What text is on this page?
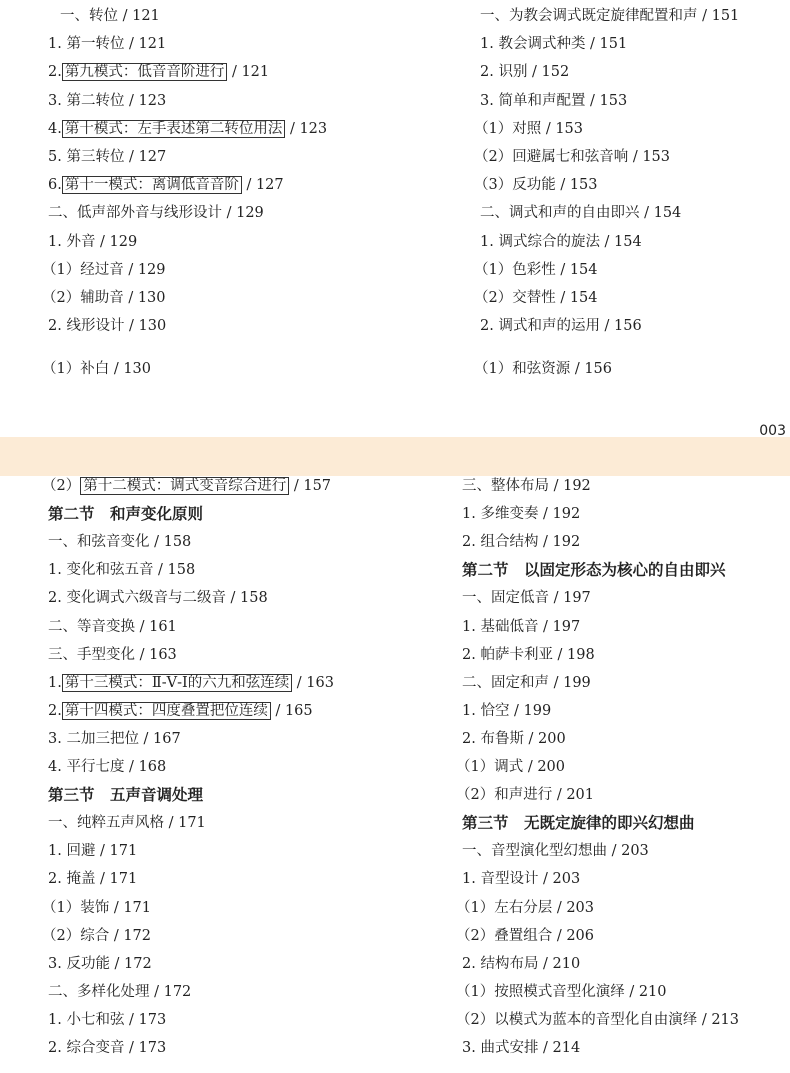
一、转位 / 121
1. 第一转位 / 121
2. 第九模式：低音音阶进行 / 121
3. 第二转位 / 123
4. 第十模式：左手表述第二转位用法 / 123
5. 第三转位 / 127
6. 第十一模式：离调低音音阶 / 127
二、低声部外音与线形设计 / 129
1. 外音 / 129
（1）经过音 / 129
（2）辅助音 / 130
2. 线形设计 / 130
（1）补白 / 130
一、为教会调式既定旋律配置和声 / 151
1. 教会调式种类 / 151
2. 识别 / 152
3. 简单和声配置 / 153
（1）对照 / 153
（2）回避属七和弦音响 / 153
（3）反功能 / 153
二、调式和声的自由即兴 / 154
1. 调式综合的旋法 / 154
（1）色彩性 / 154
（2）交替性 / 154
2. 调式和声的运用 / 156
（1）和弦资源 / 156
003
（2） 第十二模式：调式变音综合进行 / 157
第二节　和声变化原则
一、和弦音变化 / 158
1. 变化和弦五音 / 158
2. 变化调式六级音与二级音 / 158
二、等音变换 / 161
三、手型变化 / 163
1. 第十三模式：Ⅱ-Ⅴ-Ⅰ的六九和弦连续 / 163
2. 第十四模式：四度叠置把位连续 / 165
3. 二加三把位 / 167
4. 平行七度 / 168
第三节　五声音调处理
一、纯粹五声风格 / 171
1. 回避 / 171
2. 掩盖 / 171
（1）装饰 / 171
（2）综合 / 172
3. 反功能 / 172
二、多样化处理 / 172
1. 小七和弦 / 173
2. 综合变音 / 173
三、整体布局 / 192
1. 多维变奏 / 192
2. 组合结构 / 192
第二节　以固定形态为核心的自由即兴
一、固定低音 / 197
1. 基础低音 / 197
2. 帕萨卡利亚 / 198
二、固定和声 / 199
1. 恰空 / 199
2. 布鲁斯 / 200
（1）调式 / 200
（2）和声进行 / 201
第三节　无既定旋律的即兴幻想曲
一、音型演化型幻想曲 / 203
1. 音型设计 / 203
（1）左右分层 / 203
（2）叠置组合 / 206
2. 结构布局 / 210
（1）按照模式音型化演绎 / 210
（2）以模式为蓝本的音型化自由演绎 / 213
3. 曲式安排 / 214
